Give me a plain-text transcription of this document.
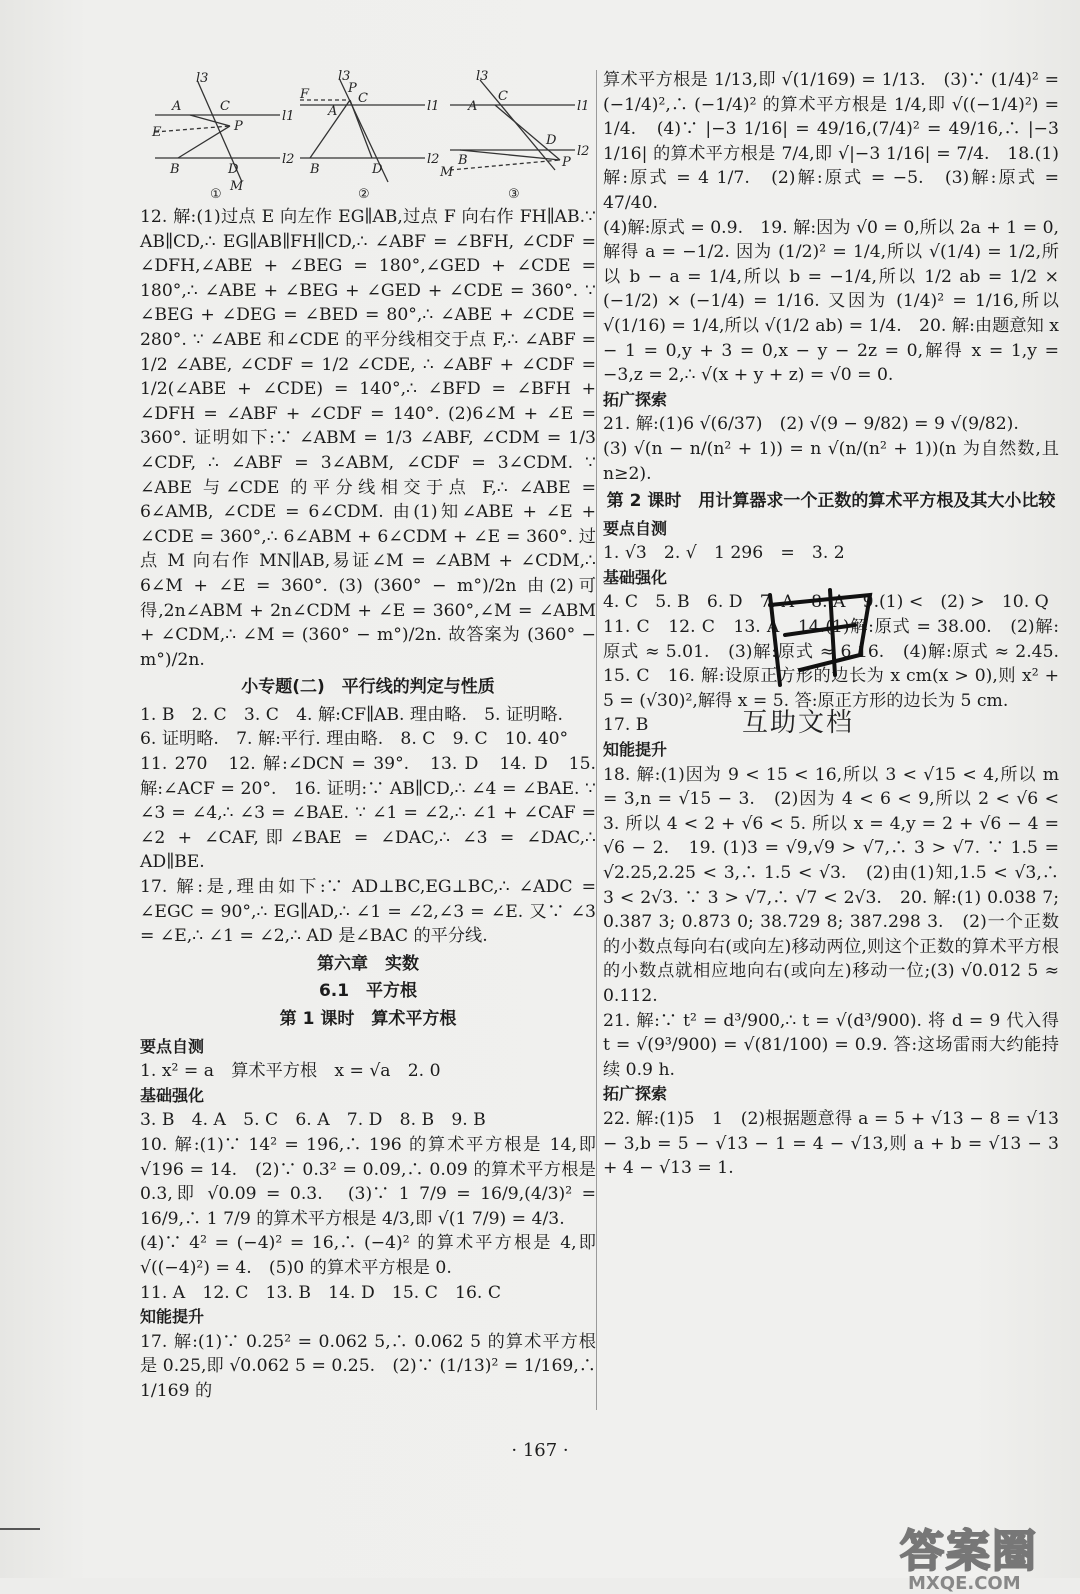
A	C
E	P
B	D
M
l1
l2
l3
F
A
C
P
B	D
l1
l2
l3
A
C
D
P
B
M
l1
l2
l3
①	②	③

12. 解:(1)过点 E 向左作 EG∥AB,过点 F 向右作 FH∥AB.∵ AB∥CD,∴ EG∥AB∥FH∥CD,∴ ∠ABF = ∠BFH, ∠CDF = ∠DFH,∠ABE + ∠BEG = 180°,∠GED + ∠CDE = 180°,∴ ∠ABE + ∠BEG + ∠GED + ∠CDE = 360°. ∵ ∠BEG + ∠DEG = ∠BED = 80°,∴ ∠ABE + ∠CDE = 280°. ∵ ∠ABE 和∠CDE 的平分线相交于点 F,∴ ∠ABF = 1/2 ∠ABE, ∠CDF = 1/2 ∠CDE, ∴ ∠ABF + ∠CDF = 1/2(∠ABE + ∠CDE) = 140°,∴ ∠BFD = ∠BFH + ∠DFH = ∠ABF + ∠CDF = 140°. (2)6∠M + ∠E = 360°. 证明如下:∵ ∠ABM = 1/3 ∠ABF, ∠CDM = 1/3 ∠CDF, ∴ ∠ABF = 3∠ABM, ∠CDF = 3∠CDM. ∵ ∠ABE 与∠CDE 的平分线相交于点 F,∴ ∠ABE = 6∠AMB, ∠CDE = 6∠CDM. 由(1)知∠ABE + ∠E + ∠CDE = 360°,∴ 6∠ABM + 6∠CDM + ∠E = 360°. 过点 M 向右作 MN∥AB,易证∠M = ∠ABM + ∠CDM,∴ 6∠M + ∠E = 360°. (3) (360° − m°)/2n 由(2)可得,2n∠ABM + 2n∠CDM + ∠E = 360°,∠M = ∠ABM + ∠CDM,∴ ∠M = (360° − m°)/2n. 故答案为 (360° − m°)/2n.

小专题(二)　平行线的判定与性质

1. B　2. C　3. C　4. 解:CF∥AB. 理由略.　5. 证明略.

6. 证明略.　7. 解:平行. 理由略.　8. C　9. C　10. 40°

11. 270　12. 解:∠DCN = 39°.　13. D　14. D　15. 解:∠ACF = 20°.　16. 证明:∵ AB∥CD,∴ ∠4 = ∠BAE. ∵ ∠3 = ∠4,∴ ∠3 = ∠BAE. ∵ ∠1 = ∠2,∴ ∠1 + ∠CAF = ∠2 + ∠CAF,即∠BAE = ∠DAC,∴ ∠3 = ∠DAC,∴ AD∥BE.

17. 解:是,理由如下:∵ AD⊥BC,EG⊥BC,∴ ∠ADC = ∠EGC = 90°,∴ EG∥AD,∴ ∠1 = ∠2,∠3 = ∠E. 又∵ ∠3 = ∠E,∴ ∠1 = ∠2,∴ AD 是∠BAC 的平分线.

第六章　实数

6.1　平方根

第 1 课时　算术平方根

要点自测

1. x² = a　算术平方根　x = √a　2. 0

基础强化

3. B　4. A　5. C　6. A　7. D　8. B　9. B

10. 解:(1)∵ 14² = 196,∴ 196 的算术平方根是 14,即 √196 = 14.　(2)∵ 0.3² = 0.09,∴ 0.09 的算术平方根是 0.3,即 √0.09 = 0.3.　(3)∵ 1 7/9 = 16/9,(4/3)² = 16/9,∴ 1 7/9 的算术平方根是 4/3,即 √(1 7/9) = 4/3.

(4)∵ 4² = (−4)² = 16,∴ (−4)² 的算术平方根是 4,即 √((−4)²) = 4.　(5)0 的算术平方根是 0.

11. A　12. C　13. B　14. D　15. C　16. C

知能提升

17. 解:(1)∵ 0.25² = 0.062 5,∴ 0.062 5 的算术平方根是 0.25,即 √0.062 5 = 0.25.　(2)∵ (1/13)² = 1/169,∴ 1/169 的

算术平方根是 1/13,即 √(1/169) = 1/13.　(3)∵ (1/4)² = (−1/4)²,∴ (−1/4)² 的算术平方根是 1/4,即 √((−1/4)²) = 1/4.　(4)∵ |−3 1/16| = 49/16,(7/4)² = 49/16,∴ |−3 1/16| 的算术平方根是 7/4,即 √|−3 1/16| = 7/4.　18.(1)解:原式 = 4 1/7.　(2)解:原式 = −5.　(3)解:原式 = 47/40.

(4)解:原式 = 0.9.　19. 解:因为 √0 = 0,所以 2a + 1 = 0,解得 a = −1/2. 因为 (1/2)² = 1/4,所以 √(1/4) = 1/2,所以 b − a = 1/4,所以 b = −1/4,所以 1/2 ab = 1/2 × (−1/2) × (−1/4) = 1/16. 又因为 (1/4)² = 1/16,所以 √(1/16) = 1/4,所以 √(1/2 ab) = 1/4.　20. 解:由题意知 x − 1 = 0,y + 3 = 0,x − y − 2z = 0,解得 x = 1,y = −3,z = 2,∴ √(x + y + z) = √0 = 0.

拓广探索

21. 解:(1)6 √(6/37)　(2) √(9 − 9/82) = 9 √(9/82).

(3) √(n − n/(n² + 1)) = n √(n/(n² + 1))(n 为自然数,且 n≥2).

第 2 课时　用计算器求一个正数的算术平方根及其大小比较

要点自测

1. √3　2. √　1 296　=　3. 2

基础强化

4. C　5. B　6. D　7. A　8. A　9.(1) <　(2) >　10. Q

11. C　12. C　13. A　14.(1)解:原式 = 38.00.　(2)解:原式 ≈ 5.01.　(3)解:原式 ≈ 6.16.　(4)解:原式 ≈ 2.45.　15. C　16. 解:设原正方形的边长为 x cm(x > 0),则 x² + 5 = (√30)²,解得 x = 5. 答:原正方形的边长为 5 cm.

17. B

知能提升

18. 解:(1)因为 9 < 15 < 16,所以 3 < √15 < 4,所以 m = 3,n = √15 − 3.　(2)因为 4 < 6 < 9,所以 2 < √6 < 3. 所以 4 < 2 + √6 < 5. 所以 x = 4,y = 2 + √6 − 4 = √6 − 2.　19. (1)3 = √9,√9 > √7,∴ 3 > √7. ∵ 1.5 = √2.25,2.25 < 3,∴ 1.5 < √3.　(2)由(1)知,1.5 < √3,∴ 3 < 2√3. ∵ 3 > √7,∴ √7 < 2√3.　20. 解:(1) 0.038 7; 0.387 3; 0.873 0; 38.729 8; 387.298 3.　(2)一个正数的小数点每向右(或向左)移动两位,则这个正数的算术平方根的小数点就相应地向右(或向左)移动一位;(3) √0.012 5 ≈ 0.112.

21. 解:∵ t² = d³/900,∴ t = √(d³/900). 将 d = 9 代入得 t = √(9³/900) = √(81/100) = 0.9. 答:这场雷雨大约能持续 0.9 h.

拓广探索

22. 解:(1)5　1　(2)根据题意得 a = 5 + √13 − 8 = √13 − 3,b = 5 − √13 − 1 = 4 − √13,则 a + b = √13 − 3 + 4 − √13 = 1.

互助文档
· 167 ·
答案圈
MXQE.COM
